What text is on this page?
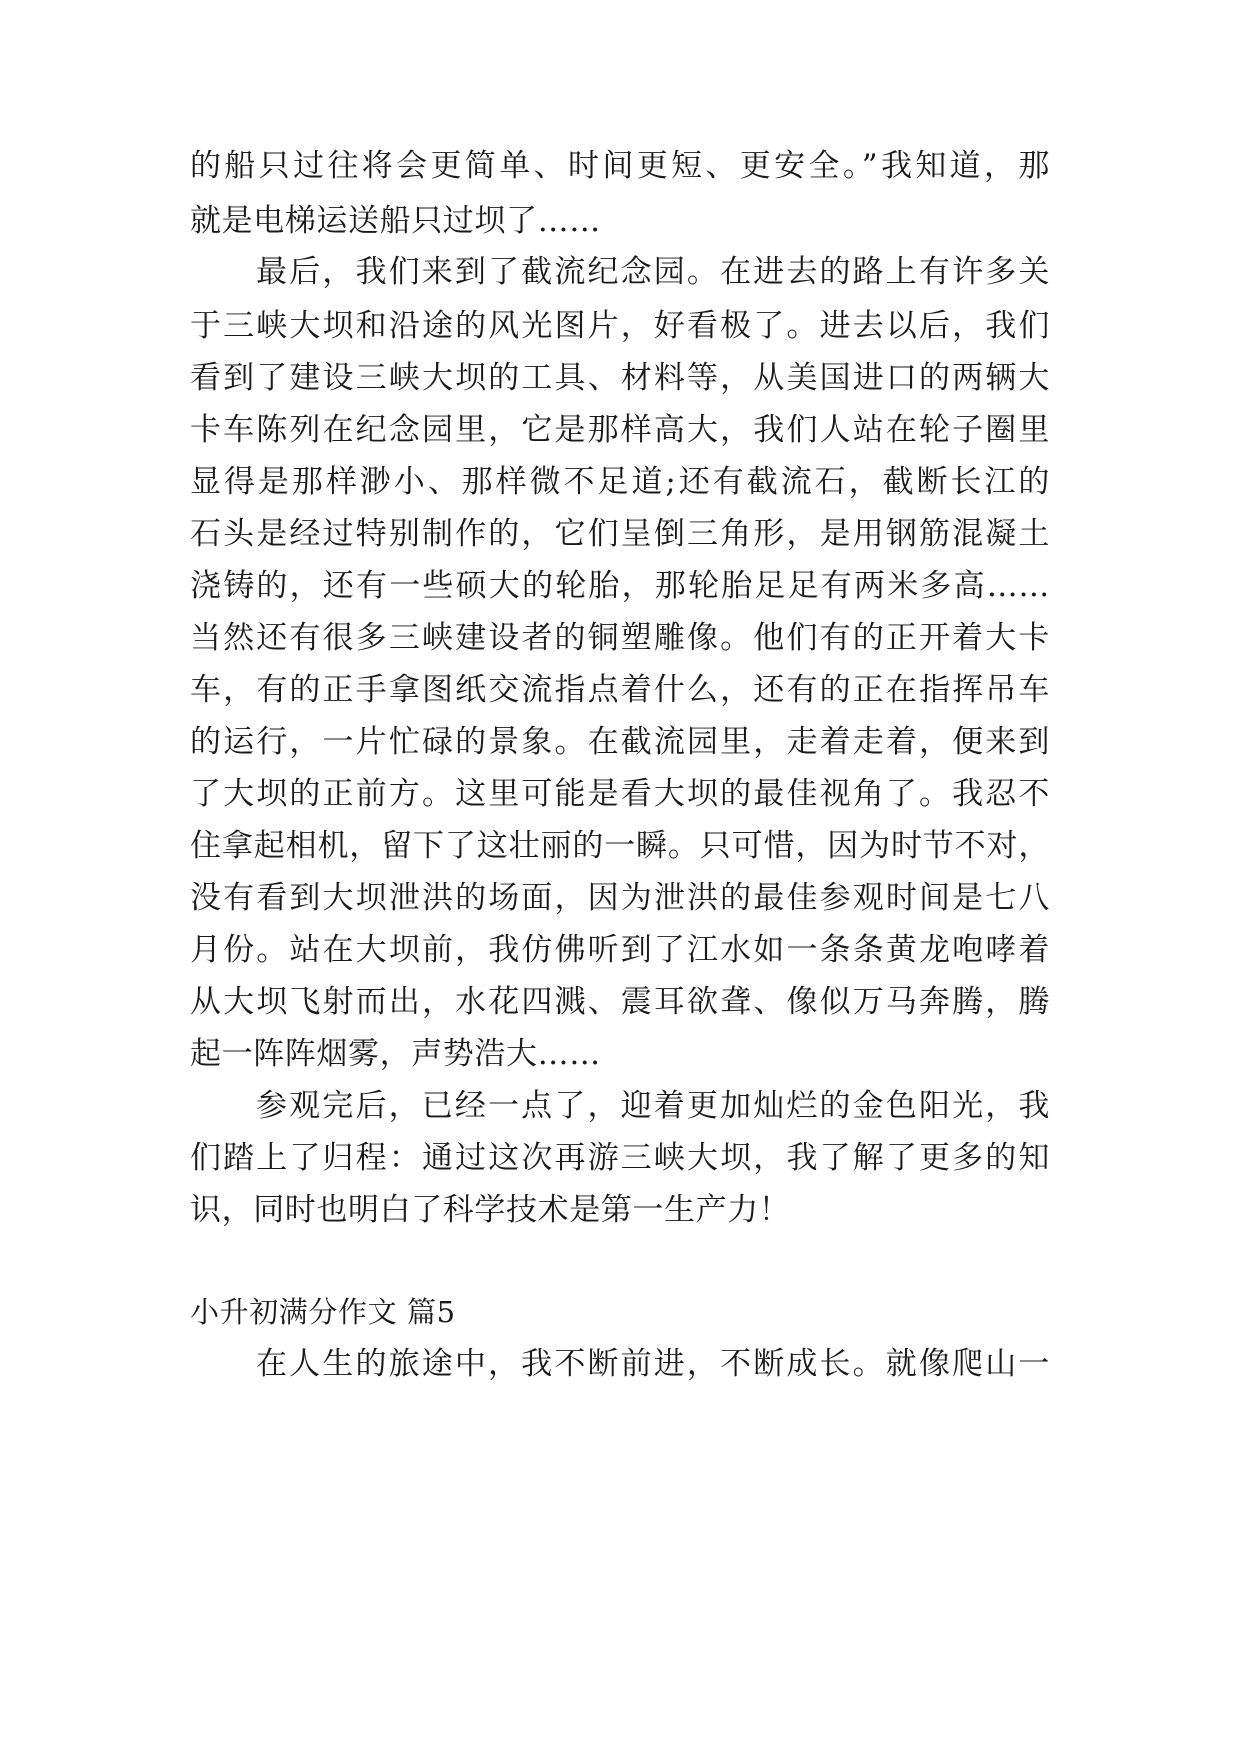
的船只过往将会更简单、时间更短、更安全。”我知道，那
就是电梯运送船只过坝了……
最后，我们来到了截流纪念园。在进去的路上有许多关
于三峡大坝和沿途的风光图片，好看极了。进去以后，我们
看到了建设三峡大坝的工具、材料等，从美国进口的两辆大
卡车陈列在纪念园里，它是那样高大，我们人站在轮子圈里
显得是那样渺小、那样微不足道;还有截流石，截断长江的
石头是经过特别制作的，它们呈倒三角形，是用钢筋混凝土
浇铸的，还有一些硕大的轮胎，那轮胎足足有两米多高……
当然还有很多三峡建设者的铜塑雕像。他们有的正开着大卡
车，有的正手拿图纸交流指点着什么，还有的正在指挥吊车
的运行，一片忙碌的景象。在截流园里，走着走着，便来到
了大坝的正前方。这里可能是看大坝的最佳视角了。我忍不
住拿起相机，留下了这壮丽的一瞬。只可惜，因为时节不对，
没有看到大坝泄洪的场面，因为泄洪的最佳参观时间是七八
月份。站在大坝前，我仿佛听到了江水如一条条黄龙咆哮着
从大坝飞射而出，水花四溅、震耳欲聋、像似万马奔腾，腾
起一阵阵烟雾，声势浩大……
参观完后，已经一点了，迎着更加灿烂的金色阳光，我
们踏上了归程：通过这次再游三峡大坝，我了解了更多的知
识，同时也明白了科学技术是第一生产力！
小升初满分作文 篇5
在人生的旅途中，我不断前进，不断成长。就像爬山一
